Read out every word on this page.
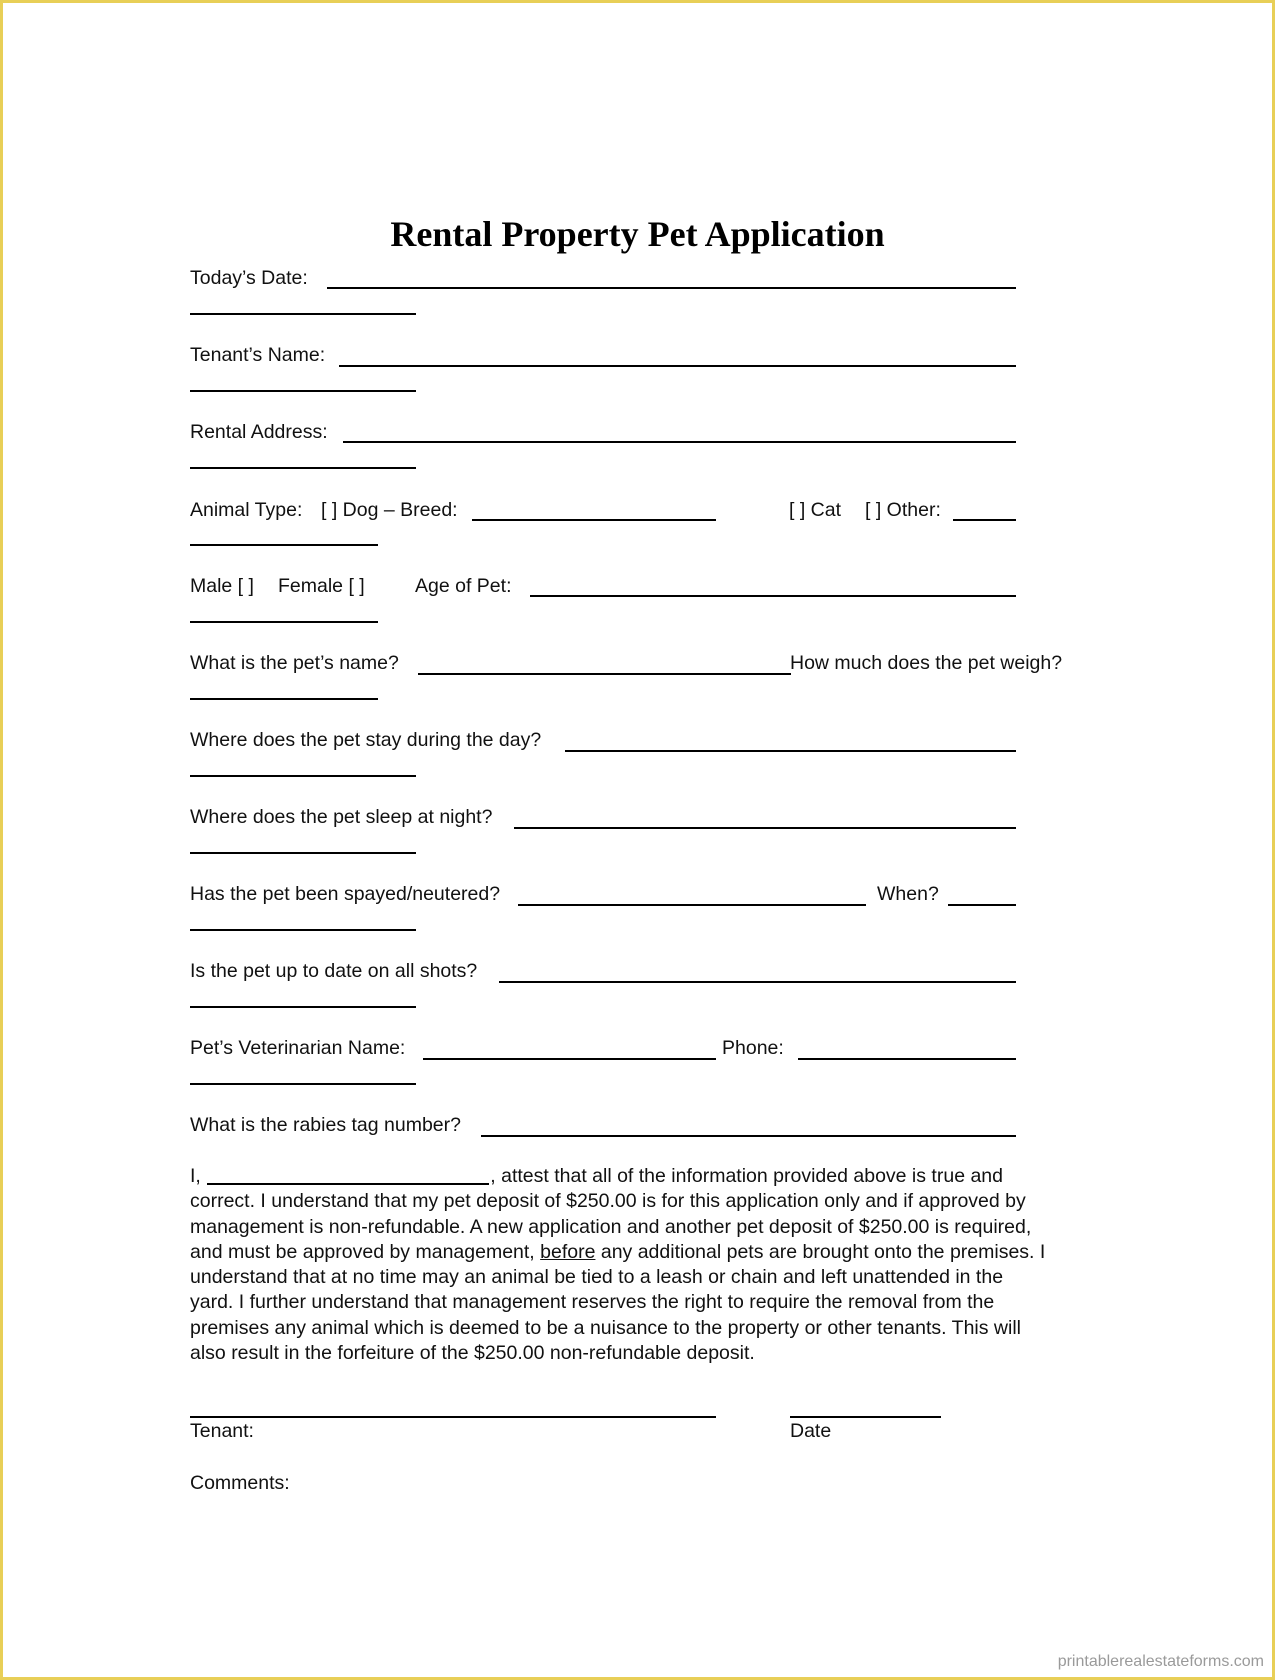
Rental Property Pet Application
Today’s Date:
Tenant’s Name:
Rental Address:
Animal Type: [ ] Dog – Breed:	[ ] Cat [ ] Other:
Male [ ] Female [ ]	Age of Pet:
What is the pet’s name?	How much does the pet weigh?
Where does the pet stay during the day?
Where does the pet sleep at night?
Has the pet been spayed/neutered?	When?
Is the pet up to date on all shots?
Pet’s Veterinarian Name:	Phone:
What is the rabies tag number?
I,	, attest that all of the information provided above is true and
correct. I understand that my pet deposit of $250.00 is for this application only and if approved by
management is non-refundable. A new application and another pet deposit of $250.00 is required,
and must be approved by management, before any additional pets are brought onto the premises. I
understand that at no time may an animal be tied to a leash or chain and left unattended in the
yard. I further understand that management reserves the right to require the removal from the
premises any animal which is deemed to be a nuisance to the property or other tenants. This will
also result in the forfeiture of the $250.00 non-refundable deposit.
Tenant:	Date
Comments:
printablerealestateforms.com
